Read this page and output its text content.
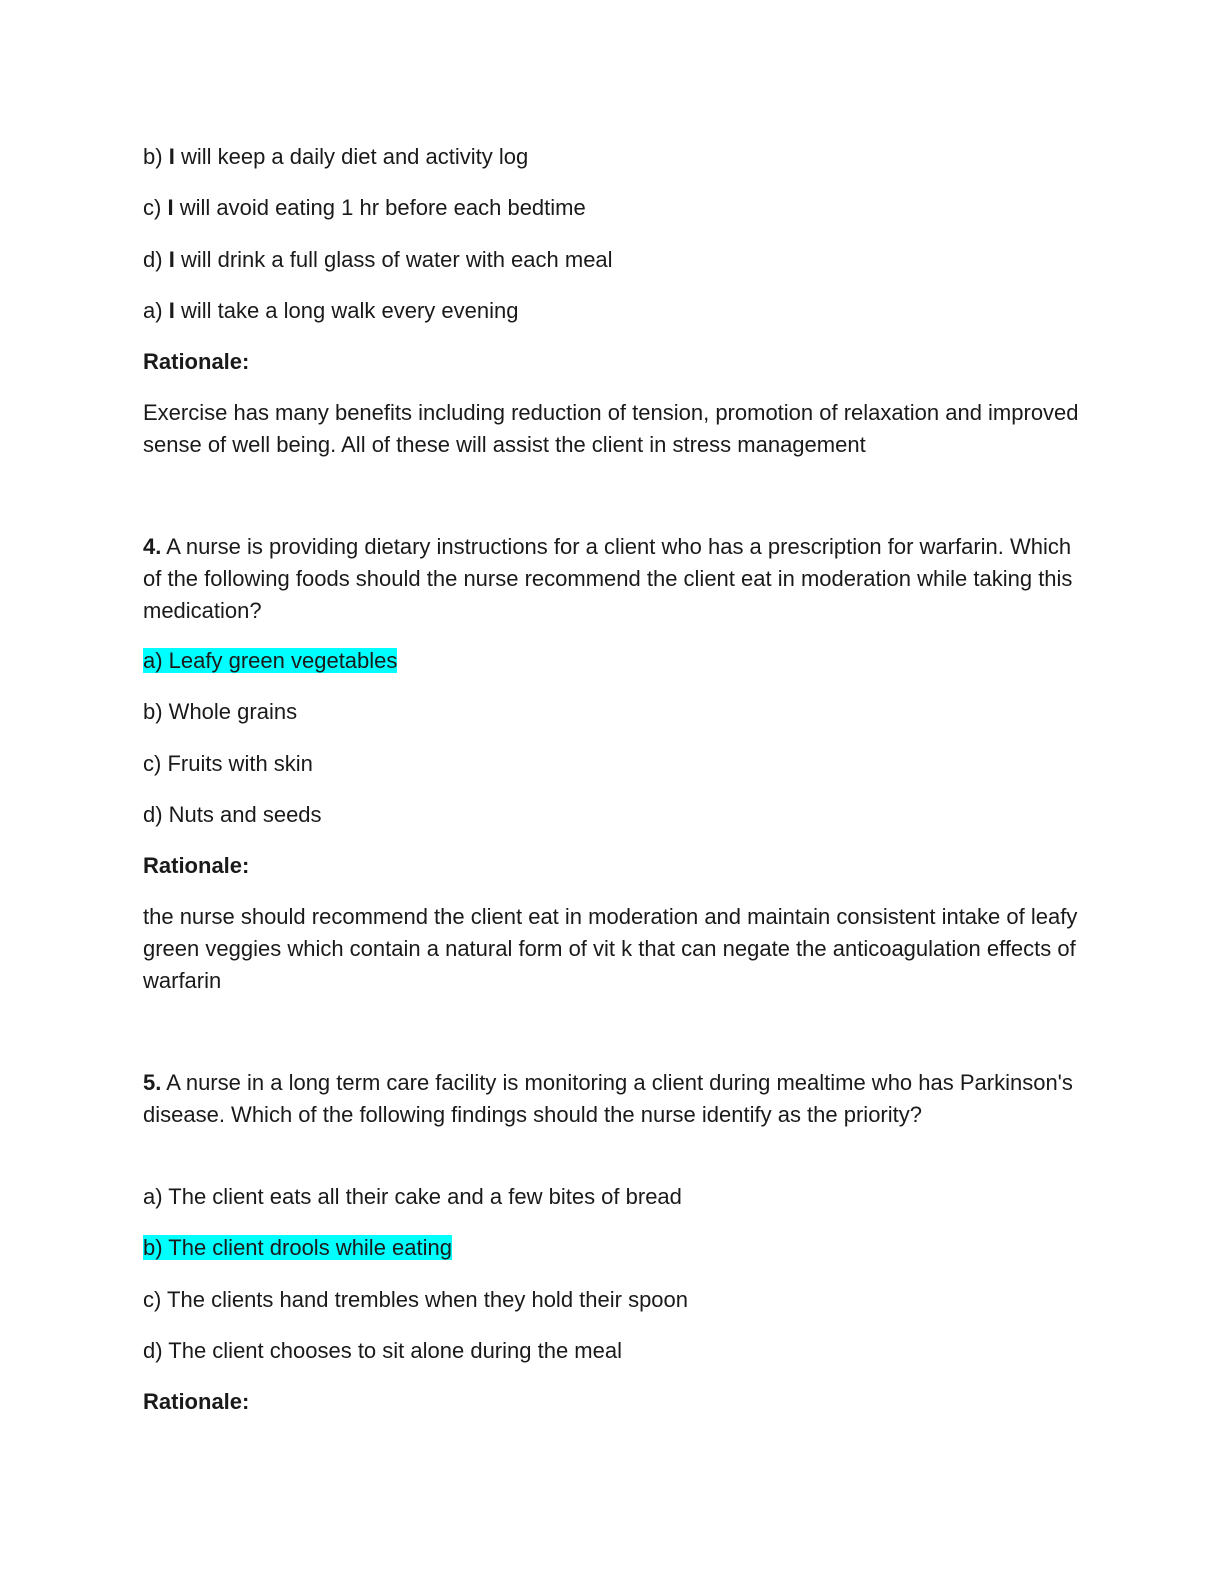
b) I will keep a daily diet and activity log
c) I will avoid eating 1 hr before each bedtime
d) I will drink a full glass of water with each meal
a) I will take a long walk every evening
Rationale:
Exercise has many benefits including reduction of tension, promotion of relaxation and improved sense of well being. All of these will assist the client in stress management
4. A nurse is providing dietary instructions for a client who has a prescription for warfarin. Which of the following foods should the nurse recommend the client eat in moderation while taking this medication?
a) Leafy green vegetables
b) Whole grains
c) Fruits with skin
d) Nuts and seeds
Rationale:
the nurse should recommend the client eat in moderation and maintain consistent intake of leafy green veggies which contain a natural form of vit k that can negate the anticoagulation effects of warfarin
5. A nurse in a long term care facility is monitoring a client during mealtime who has Parkinson's disease. Which of the following findings should the nurse identify as the priority?
a) The client eats all their cake and a few bites of bread
b) The client drools while eating
c) The clients hand trembles when they hold their spoon
d) The client chooses to sit alone during the meal
Rationale:
